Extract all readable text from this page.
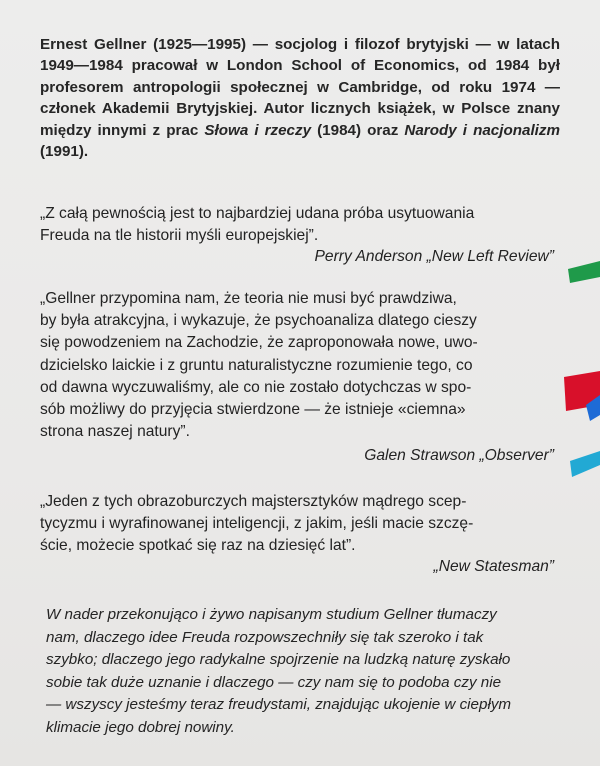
Ernest Gellner (1925—1995) — socjolog i filozof brytyjski — w latach 1949—1984 pracował w London School of Economics, od 1984 był profesorem antropologii społecznej w Cambridge, od roku 1974 — członek Akademii Brytyjskiej. Autor licznych książek, w Polsce znany między innymi z prac Słowa i rzeczy (1984) oraz Narody i nacjonalizm (1991).
„Z całą pewnością jest to najbardziej udana próba usytuowania
Freuda na tle historii myśli europejskiej”.
Perry Anderson „New Left Review”
„Gellner przypomina nam, że teoria nie musi być prawdziwa,
by była atrakcyjna, i wykazuje, że psychoanaliza dlatego cieszy
się powodzeniem na Zachodzie, że zaproponowała nowe, uwo-
dzicielsko laickie i z gruntu naturalistyczne rozumienie tego, co
od dawna wyczuwaliśmy, ale co nie zostało dotychczas w spo-
sób możliwy do przyjęcia stwierdzone — że istnieje «ciemna»
strona naszej natury”.
Galen Strawson „Observer”
„Jeden z tych obrazoburczych majstersztyków mądrego scep-
tycyzmu i wyrafinowanej inteligencji, z jakim, jeśli macie szczę-
ście, możecie spotkać się raz na dziesięć lat”.
„New Statesman”
W nader przekonująco i żywo napisanym studium Gellner tłumaczy
nam, dlaczego idee Freuda rozpowszechniły się tak szeroko i tak
szybko; dlaczego jego radykalne spojrzenie na ludzką naturę zyskało
sobie tak duże uznanie i dlaczego — czy nam się to podoba czy nie
— wszyscy jesteśmy teraz freudystami, znajdując ukojenie w ciepłym
klimacie jego dobrej nowiny.
